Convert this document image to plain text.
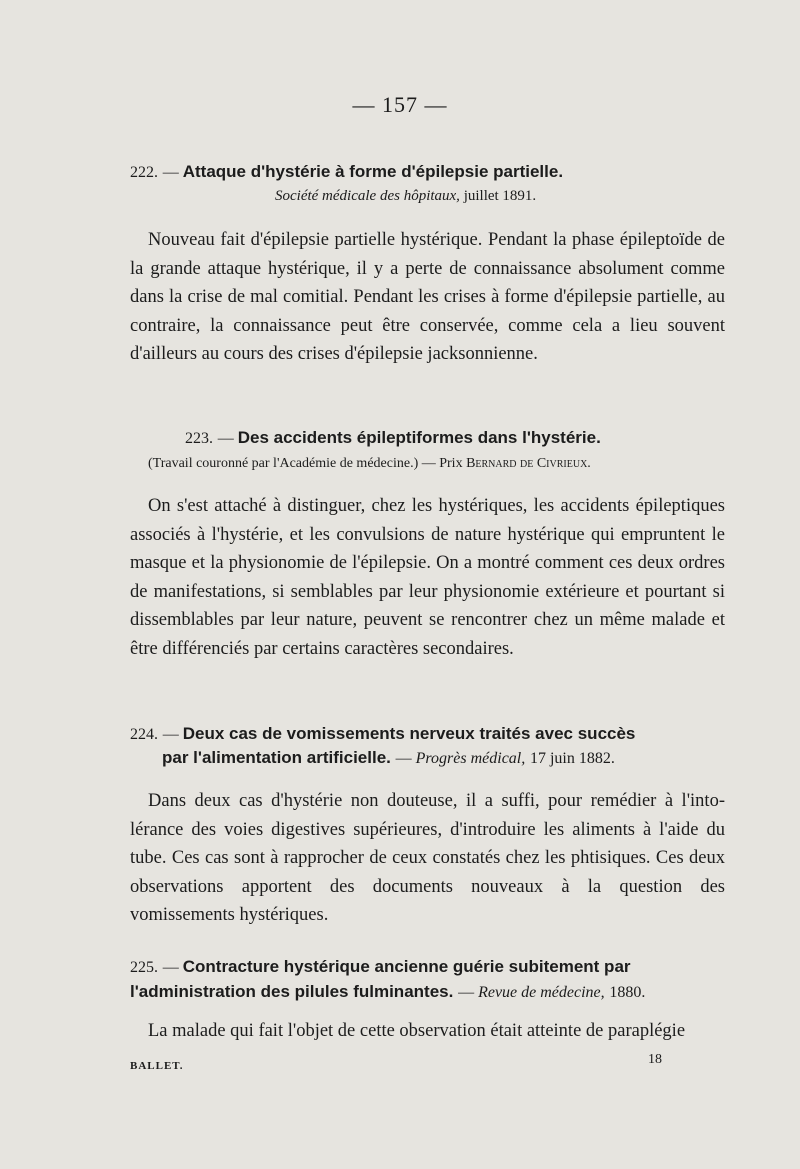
— 157 —
222. — Attaque d'hystérie à forme d'épilepsie partielle.
Société médicale des hôpitaux, juillet 1891.
Nouveau fait d'épilepsie partielle hystérique. Pendant la phase épileptoïde de la grande attaque hystérique, il y a perte de connaissance absolument comme dans la crise de mal comitial. Pendant les crises à forme d'épilepsie partielle, au contraire, la connaissance peut être conservée, comme cela a lieu souvent d'ailleurs au cours des crises d'épilepsie jacksonnienne.
223. — Des accidents épileptiformes dans l'hystérie.
(Travail couronné par l'Académie de médecine.) — Prix Bernard de Civrieux.
On s'est attaché à distinguer, chez les hystériques, les accidents épileptiques associés à l'hystérie, et les convulsions de nature hystérique qui empruntent le masque et la physionomie de l'épilepsie. On a montré comment ces deux ordres de manifestations, si semblables par leur physionomie extérieure et pourtant si dissemblables par leur nature, peuvent se rencontrer chez un même malade et être différenciés par certains caractères secondaires.
224. — Deux cas de vomissements nerveux traités avec succès
par l'alimentation artificielle. — Progrès médical, 17 juin 1882.
Dans deux cas d'hystérie non douteuse, il a suffi, pour remédier à l'intolérance des voies digestives supérieures, d'introduire les aliments à l'aide du tube. Ces cas sont à rapprocher de ceux constatés chez les phtisiques. Ces deux observations apportent des documents nouveaux à la question des vomissements hystériques.
225. — Contracture hystérique ancienne guérie subitement par
l'administration des pilules fulminantes. — Revue de médecine, 1880.
La malade qui fait l'objet de cette observation était atteinte de paraplégie
BALLET.	18
